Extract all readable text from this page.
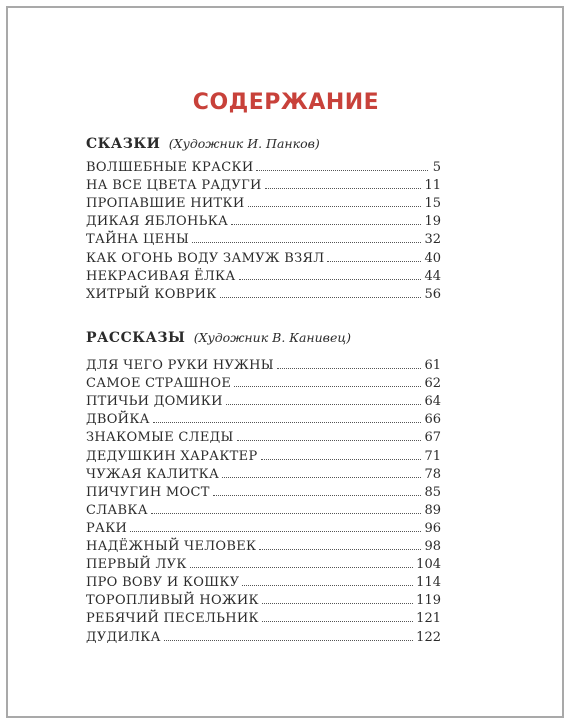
СОДЕРЖАНИЕ
СКАЗКИ (Художник И. Панков)
ВОЛШЕБНЫЕ КРАСКИ	5
НА ВСЕ ЦВЕТА РАДУГИ	11
ПРОПАВШИЕ НИТКИ	15
ДИКАЯ ЯБЛОНЬКА	19
ТАЙНА ЦЕНЫ	32
КАК ОГОНЬ ВОДУ ЗАМУЖ ВЗЯЛ	40
НЕКРАСИВАЯ ЁЛКА	44
ХИТРЫЙ КОВРИК	56
РАССКАЗЫ (Художник В. Канивец)
ДЛЯ ЧЕГО РУКИ НУЖНЫ	61
САМОЕ СТРАШНОЕ	62
ПТИЧЬИ ДОМИКИ	64
ДВОЙКА	66
ЗНАКОМЫЕ СЛЕДЫ	67
ДЕДУШКИН ХАРАКТЕР	71
ЧУЖАЯ КАЛИТКА	78
ПИЧУГИН МОСТ	85
СЛАВКА	89
РАКИ	96
НАДЁЖНЫЙ ЧЕЛОВЕК	98
ПЕРВЫЙ ЛУК	104
ПРО ВОВУ И КОШКУ	114
ТОРОПЛИВЫЙ НОЖИК	119
РЕБЯЧИЙ ПЕСЕЛЬНИК	121
ДУДИЛКА	122
